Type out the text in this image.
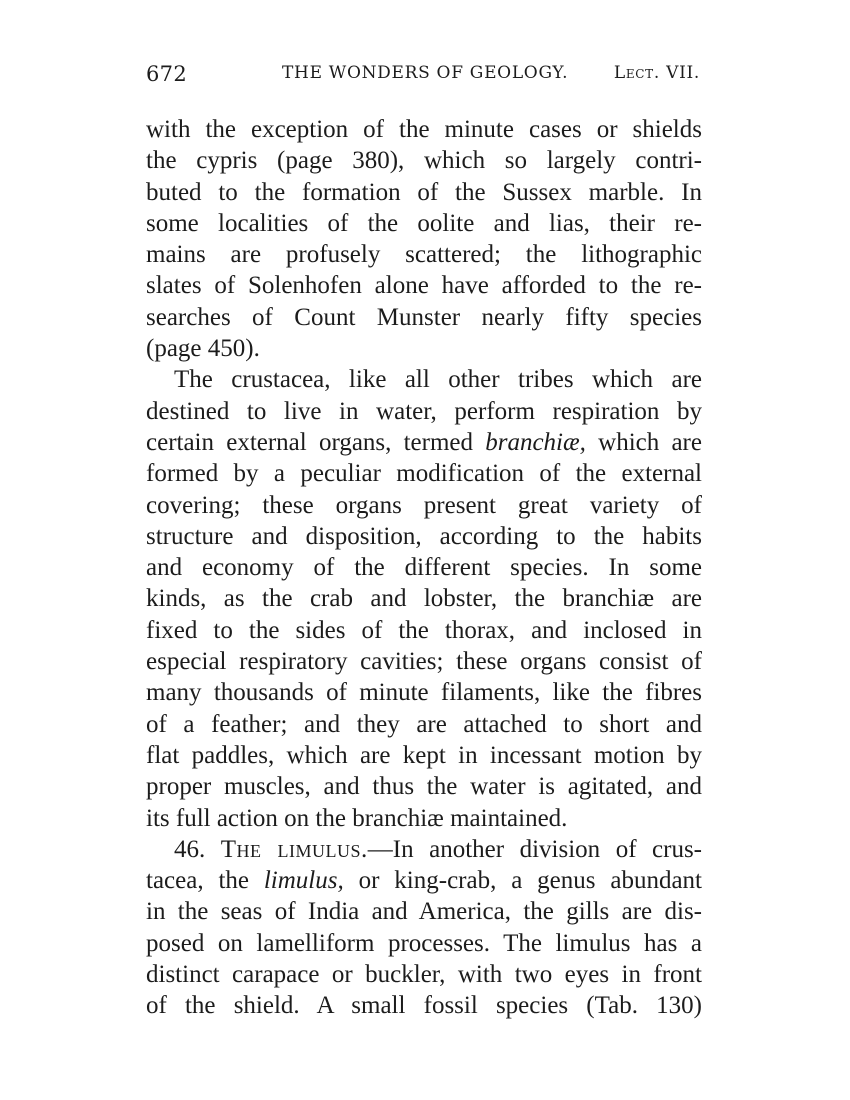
672	THE WONDERS OF GEOLOGY.	Lect. VII.
with the exception of the minute cases or shields
the cypris (page 380), which so largely contri-
buted to the formation of the Sussex marble. In
some localities of the oolite and lias, their re-
mains are profusely scattered; the lithographic
slates of Solenhofen alone have afforded to the re-
searches of Count Munster nearly fifty species
(page 450).
The crustacea, like all other tribes which are
destined to live in water, perform respiration by
certain external organs, termed branchiæ, which are
formed by a peculiar modification of the external
covering; these organs present great variety of
structure and disposition, according to the habits
and economy of the different species. In some
kinds, as the crab and lobster, the branchiæ are
fixed to the sides of the thorax, and inclosed in
especial respiratory cavities; these organs consist of
many thousands of minute filaments, like the fibres
of a feather; and they are attached to short and
flat paddles, which are kept in incessant motion by
proper muscles, and thus the water is agitated, and
its full action on the branchiæ maintained.
46. The limulus.—In another division of crus-
tacea, the limulus, or king-crab, a genus abundant
in the seas of India and America, the gills are dis-
posed on lamelliform processes. The limulus has a
distinct carapace or buckler, with two eyes in front
of the shield. A small fossil species (Tab. 130)
